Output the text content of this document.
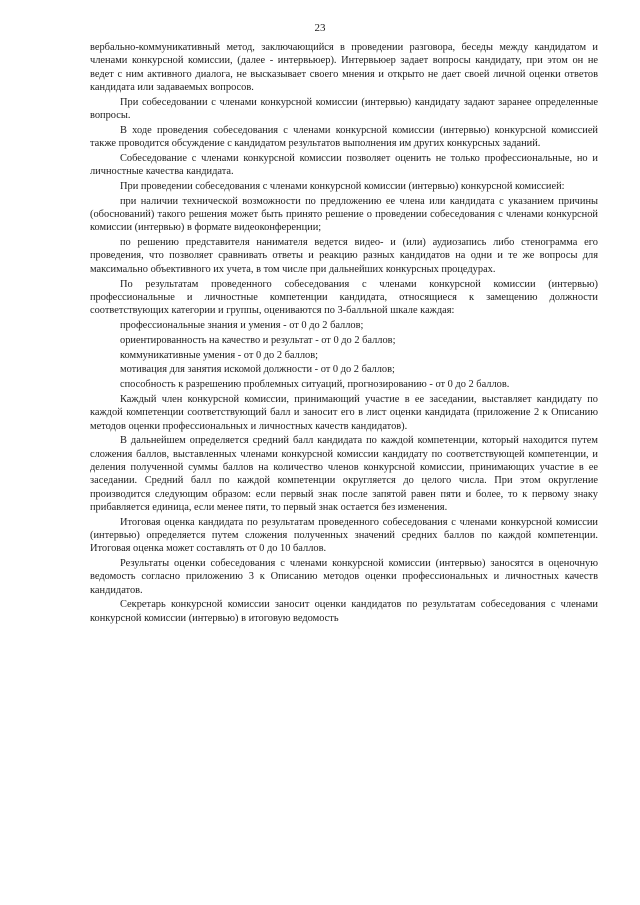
23

вербально-коммуникативный метод, заключающийся в проведении разговора, беседы между кандидатом и членами конкурсной комиссии, (далее - интервьюер). Интервьюер задает вопросы кандидату, при этом он не ведет с ним активного диалога, не высказывает своего мнения и открыто не дает своей личной оценки ответов кандидата или задаваемых вопросов.

При собеседовании с членами конкурсной комиссии (интервью) кандидату задают заранее определенные вопросы.

В ходе проведения собеседования с членами конкурсной комиссии (интервью) конкурсной комиссией также проводится обсуждение с кандидатом результатов выполнения им других конкурсных заданий.

Собеседование с членами конкурсной комиссии позволяет оценить не только профессиональные, но и личностные качества кандидата.

При проведении собеседования с членами конкурсной комиссии (интервью) конкурсной комиссией:

при наличии технической возможности по предложению ее члена или кандидата с указанием причины (обоснований) такого решения может быть принято решение о проведении собеседования с членами конкурсной комиссии (интервью) в формате видеоконференции;

по решению представителя нанимателя ведется видео- и (или) аудиозапись либо стенограмма его проведения, что позволяет сравнивать ответы и реакцию разных кандидатов на одни и те же вопросы для максимально объективного их учета, в том числе при дальнейших конкурсных процедурах.

По результатам проведенного собеседования с членами конкурсной комиссии (интервью) профессиональные и личностные компетенции кандидата, относящиеся к замещению должности соответствующих категории и группы, оцениваются по 3-балльной шкале каждая:

профессиональные знания и умения - от 0 до 2 баллов;

ориентированность на качество и результат - от 0 до 2 баллов;

коммуникативные умения - от 0 до 2 баллов;

мотивация для занятия искомой должности - от 0 до 2 баллов;

способность к разрешению проблемных ситуаций, прогнозированию - от 0 до 2 баллов.

Каждый член конкурсной комиссии, принимающий участие в ее заседании, выставляет кандидату по каждой компетенции соответствующий балл и заносит его в лист оценки кандидата (приложение 2 к Описанию методов оценки профессиональных и личностных качеств кандидатов).

В дальнейшем определяется средний балл кандидата по каждой компетенции, который находится путем сложения баллов, выставленных членами конкурсной комиссии кандидату по соответствующей компетенции, и деления полученной суммы баллов на количество членов конкурсной комиссии, принимающих участие в ее заседании. Средний балл по каждой компетенции округляется до целого числа. При этом округление производится следующим образом: если первый знак после запятой равен пяти и более, то к первому знаку прибавляется единица, если менее пяти, то первый знак остается без изменения.

Итоговая оценка кандидата по результатам проведенного собеседования с членами конкурсной комиссии (интервью) определяется путем сложения полученных значений средних баллов по каждой компетенции. Итоговая оценка может составлять от 0 до 10 баллов.

Результаты оценки собеседования с членами конкурсной комиссии (интервью) заносятся в оценочную ведомость согласно приложению 3 к Описанию методов оценки профессиональных и личностных качеств кандидатов.

Секретарь конкурсной комиссии заносит оценки кандидатов по результатам собеседования с членами конкурсной комиссии (интервью) в итоговую ведомость
